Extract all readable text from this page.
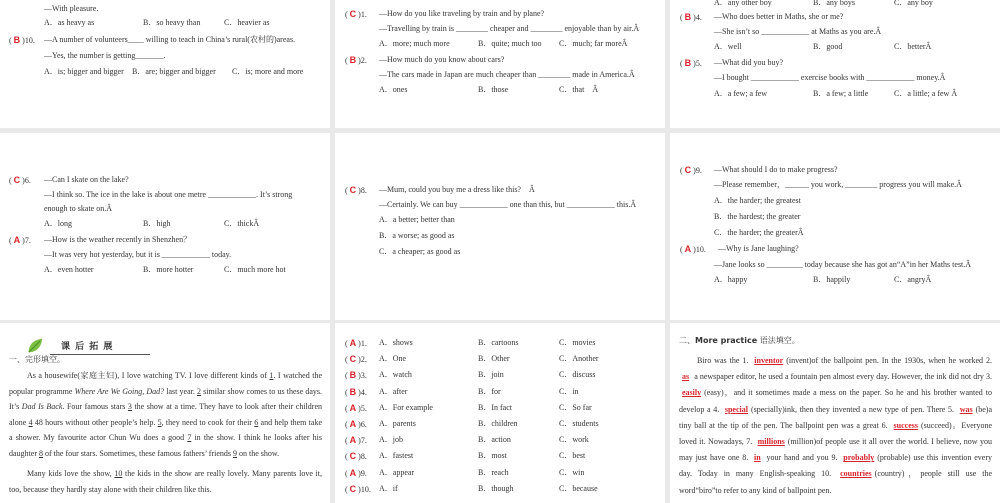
—With pleasure.
A．as heavy as	B．so heavy than	C．heavier as
( B )10. —A number of volunteers____ willing to teach in China’s rural(农村的)areas.
—Yes, the number is getting_______.
A．is; bigger and bigger B．are; bigger and bigger C．is; more and more
( C )1. —How do you like traveling by train and by plane?
—Travelling by train is ________ cheaper and ________ enjoyable than by air.Â
A．more; much more	B．quite; much too C．much; far moreÂ
( B )2. —How much do you know about cars?
—The cars made in Japan are much cheaper than ________ made in America.Â
A．ones	B．those	C．that　Â
A．any other boy	B．any boys	C．any boy
( B )4. —Who does better in Maths, she or me?
—She isn’t so ____________ at Maths as you are.Â
A．well	B．good	C．betterÂ
( B )5. —What did you buy?
—I bought ____________ exercise books with ____________ money.Â
A．a few; a few	B．a few; a little	C．a little; a few Â
( C )6. —Can I skate on the lake?
—I think so. The ice in the lake is about one metre ____________. It’s strong
enough to skate on.Â
A．long	B．high	C．thickÂ
( A )7. —How is the weather recently in Shenzhen？
—It was very hot yesterday, but it is ____________ today.
A．even hotter	B．more hotter	C．much more hot
( C )8. —Mum, could you buy me a dress like this?　Â
—Certainly. We can buy ____________ one than this, but ____________ this.Â
A．a better; better than
B．a worse; as good as
C．a cheaper; as good as
( C )9. —What should I do to make progress?
—Please remember，______ you work, ________ progress you will make.Â
A．the harder; the greatest
B．the hardest; the greater
C．the harder; the greaterÂ
( A )10. —Why is Jane laughing?
—Jane looks so _________ today because she has got an“A”in her Maths test.Â
A．happy	B．happily	C．angryÂ
课 后 拓 展
一、完形填空。
As a housewife(家庭主妇), I love watching TV. I love different kinds of 1. I watched the popular programme Where Are We Going, Dad? last year. 2 similar show comes to us these days. It’s Dad Is Back. Four famous stars 3 the show at a time. They have to look after their children alone 4 48 hours without other people’s help. 5, they need to cook for their 6 and help them take a shower. My favourite actor Chun Wu does a good 7 in the show. I think he looks after his daughter 8 of the four stars. Sometimes, these famous fathers’ friends 9 on the show.
Many kids love the show, 10 the kids in the show are really lovely. Many parents love it, too, because they hardly stay alone with their children like this.
( A )1. A．shows	B．cartoons	C．movies
( C )2. A．One	B．Other	C．Another
( B )3. A．watch	B．join	C．discuss
( B )4. A．after	B．for	C．in
( A )5. A．For example	B．In fact	C．So far
( A )6. A．parents	B．children	C．students
( A )7. A．job	B．action	C．work
( C )8. A．fastest	B．most	C．best
( A )9. A．appear	B．reach	C．win
( C )10. A．if	B．though	C．because
二、More practice 语法填空。
Biro was the 1. inventor (invent)of the ballpoint pen. In the 1930s, when he worked 2. as a newspaper editor, he used a fountain pen almost every day. However, the ink did not dry 3. easily (easy)，and it sometimes made a mess on the paper. So he and his brother wanted to develop a 4. special (specially)ink, then they invented a new type of pen. There 5. was (be)a tiny ball at the tip of the pen. The ballpoint pen was a great 6. success (succeed)。Everyone loved it. Nowadays, 7. millions (million)of people use it all over the world. I believe, now you may just have one 8. in your hand and you 9. probably (probable) use this invention every day. Today in many English-speaking 10. countries (country)，people still use the word“biro”to refer to any kind of ballpoint pen.
